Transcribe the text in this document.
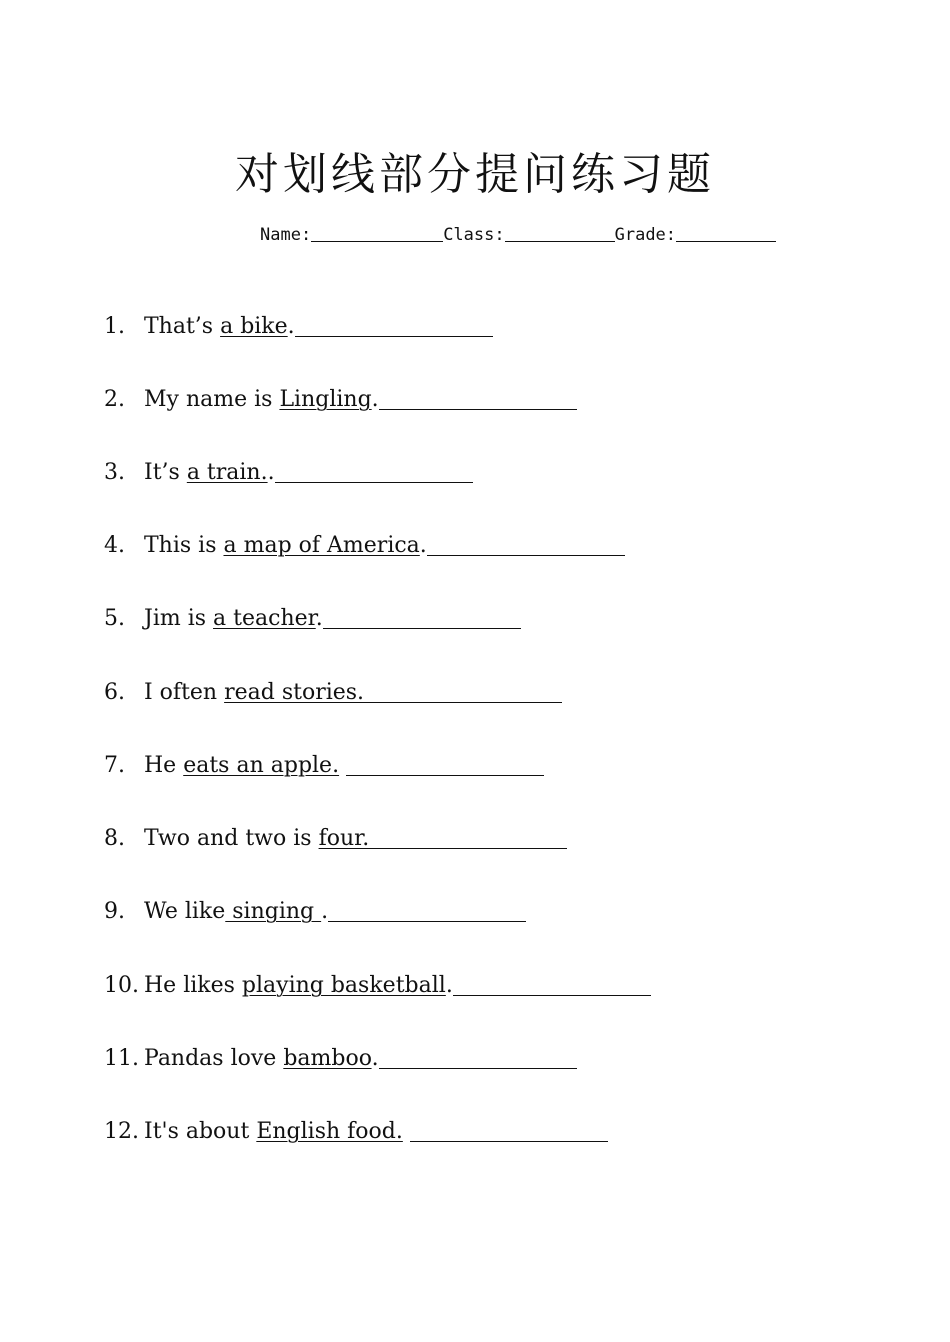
对划线部分提问练习题
Name:	Class:	Grade:
1. That’s a bike.
2. My name is Lingling.
3. It’s a train..
4. This is a map of America.
5. Jim is a teacher.
6. I often read stories.
7. He eats an apple.
8. Two and two is four.
9. We like singing .
10. He likes playing basketball.
11. Pandas love bamboo.
12. It's about English food.
